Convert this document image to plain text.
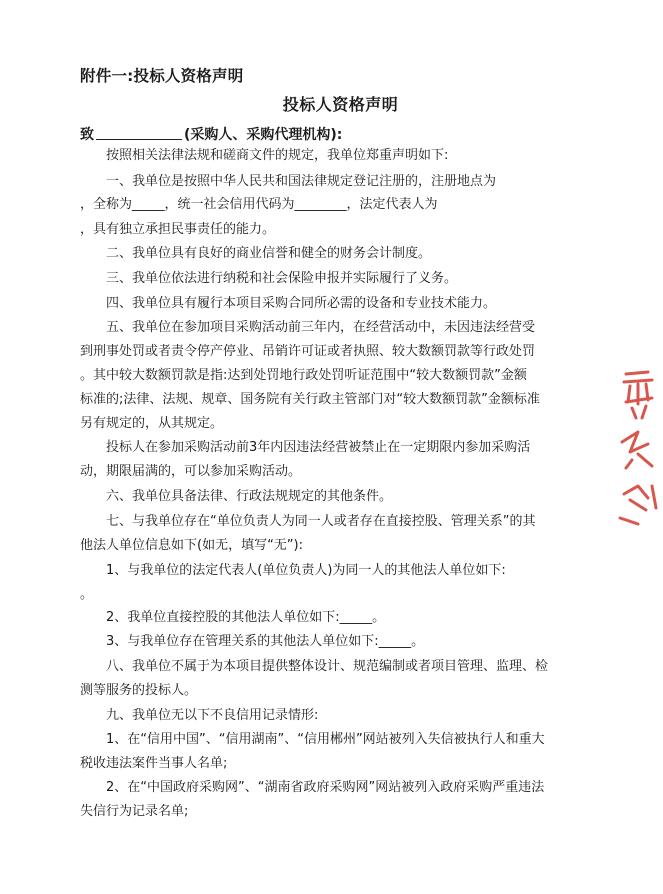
附件一:投标人资格声明
投标人资格声明
致	(采购人、采购代理机构):
按照相关法律法规和磋商文件的规定，我单位郑重声明如下:
一、我单位是按照中华人民共和国法律规定登记注册的，注册地点为
，全称为_____，统一社会信用代码为________，法定代表人为
，具有独立承担民事责任的能力。
二、我单位具有良好的商业信誉和健全的财务会计制度。
三、我单位依法进行纳税和社会保险申报并实际履行了义务。
四、我单位具有履行本项目采购合同所必需的设备和专业技术能力。
五、我单位在参加项目采购活动前三年内，在经营活动中，未因违法经营受
到刑事处罚或者责令停产停业、吊销许可证或者执照、较大数额罚款等行政处罚
。其中较大数额罚款是指:达到处罚地行政处罚听证范围中“较大数额罚款”金额
标准的;法律、法规、规章、国务院有关行政主管部门对“较大数额罚款”金额标准
另有规定的，从其规定。
投标人在参加采购活动前3年内因违法经营被禁止在一定期限内参加采购活
动，期限届满的，可以参加采购活动。
六、我单位具备法律、行政法规规定的其他条件。
七、与我单位存在“单位负责人为同一人或者存在直接控股、管理关系”的其
他法人单位信息如下(如无，填写“无”):
1、与我单位的法定代表人(单位负责人)为同一人的其他法人单位如下:
。
2、我单位直接控股的其他法人单位如下:_____。
3、与我单位存在管理关系的其他法人单位如下:_____。
八、我单位不属于为本项目提供整体设计、规范编制或者项目管理、监理、检
测等服务的投标人。
九、我单位无以下不良信用记录情形:
1、在“信用中国”、“信用湖南”、“信用郴州”网站被列入失信被执行人和重大
税收违法案件当事人名单;
2、在“中国政府采购网”、“湖南省政府采购网”网站被列入政府采购严重违法
失信行为记录名单;
